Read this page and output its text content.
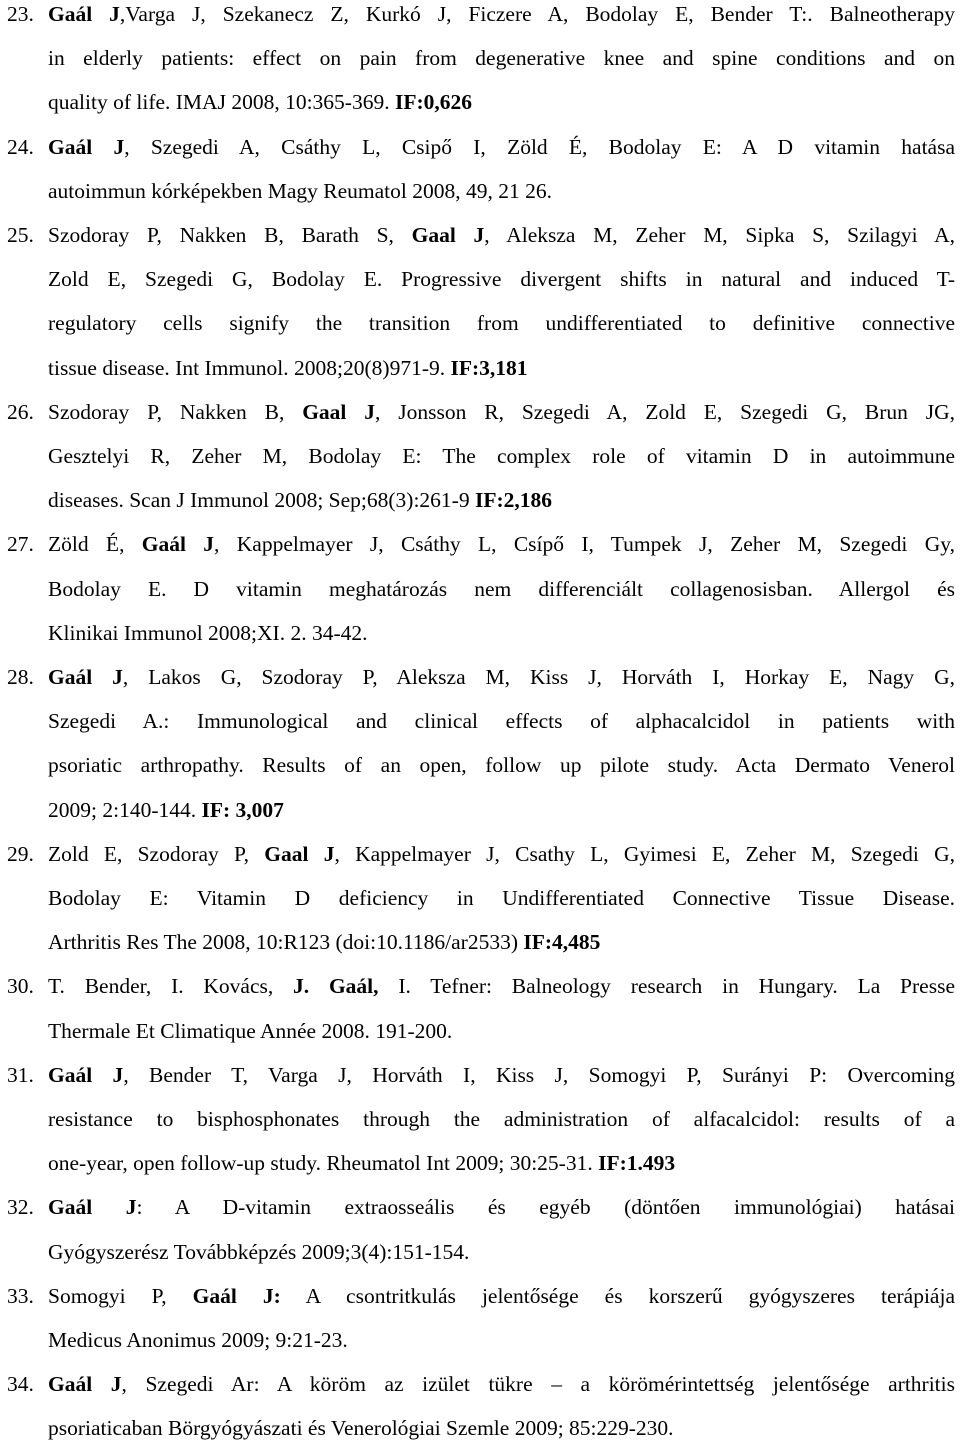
23. Gaál J,Varga J, Szekanecz Z, Kurkó J, Ficzere A, Bodolay E, Bender T:. Balneotherapy
in elderly patients: effect on pain from degenerative knee and spine conditions and on
quality of life. IMAJ 2008, 10:365-369. IF:0,626
24. Gaál J, Szegedi A, Csáthy L, Csipő I, Zöld É, Bodolay E: A D vitamin hatása
autoimmun kórképekben Magy Reumatol 2008, 49, 21 26.
25. Szodoray P, Nakken B, Barath S, Gaal J, Aleksza M, Zeher M, Sipka S, Szilagyi A,
Zold E, Szegedi G, Bodolay E. Progressive divergent shifts in natural and induced T-
regulatory cells signify the transition from undifferentiated to definitive connective
tissue disease. Int Immunol. 2008;20(8)971-9. IF:3,181
26. Szodoray P, Nakken B, Gaal J, Jonsson R, Szegedi A, Zold E, Szegedi G, Brun JG,
Gesztelyi R, Zeher M, Bodolay E: The complex role of vitamin D in autoimmune
diseases. Scan J Immunol 2008; Sep;68(3):261-9 IF:2,186
27. Zöld É, Gaál J, Kappelmayer J, Csáthy L, Csípő I, Tumpek J, Zeher M, Szegedi Gy,
Bodolay E. D vitamin meghatározás nem differenciált collagenosisban. Allergol és
Klinikai Immunol 2008;XI. 2. 34-42.
28. Gaál J, Lakos G, Szodoray P, Aleksza M, Kiss J, Horváth I, Horkay E, Nagy G,
Szegedi A.: Immunological and clinical effects of alphacalcidol in patients with
psoriatic arthropathy. Results of an open, follow up pilote study. Acta Dermato Venerol
2009; 2:140-144. IF: 3,007
29. Zold E, Szodoray P, Gaal J, Kappelmayer J, Csathy L, Gyimesi E, Zeher M, Szegedi G,
Bodolay E: Vitamin D deficiency in Undifferentiated Connective Tissue Disease.
Arthritis Res The 2008, 10:R123 (doi:10.1186/ar2533) IF:4,485
30. T. Bender, I. Kovács, J. Gaál, I. Tefner: Balneology research in Hungary. La Presse
Thermale Et Climatique Année 2008. 191-200.
31. Gaál J, Bender T, Varga J, Horváth I, Kiss J, Somogyi P, Surányi P: Overcoming
resistance to bisphosphonates through the administration of alfacalcidol: results of a
one-year, open follow-up study. Rheumatol Int 2009; 30:25-31. IF:1.493
32. Gaál J: A D-vitamin extraosseális és egyéb (döntően immunológiai) hatásai
Gyógyszerész Továbbképzés 2009;3(4):151-154.
33. Somogyi P, Gaál J: A csontritkulás jelentősége és korszerű gyógyszeres terápiája
Medicus Anonimus 2009; 9:21-23.
34. Gaál J, Szegedi Ar: A köröm az izület tükre – a körömérintettség jelentősége arthritis
psoriaticaban Börgyógyászati és Venerológiai Szemle 2009; 85:229-230.
